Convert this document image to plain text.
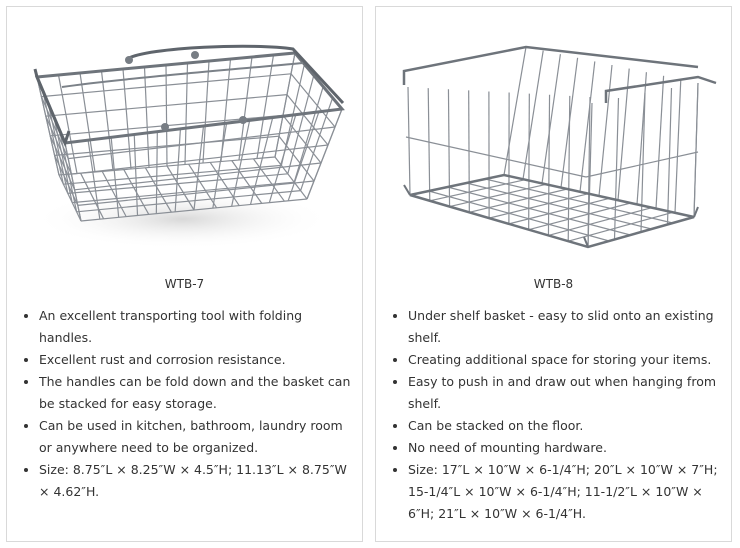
WTB-7
• An excellent transporting tool with folding handles.
• Excellent rust and corrosion resistance.
• The handles can be fold down and the basket can be stacked for easy storage.
• Can be used in kitchen, bathroom, laundry room or anywhere need to be organized.
• Size: 8.75″L × 8.25″W × 4.5″H; 11.13″L × 8.75″W × 4.62″H.
WTB-8
• Under shelf basket - easy to slid onto an existing shelf.
• Creating additional space for storing your items.
• Easy to push in and draw out when hanging from shelf.
• Can be stacked on the floor.
• No need of mounting hardware.
• Size: 17″L × 10″W × 6-1/4″H; 20″L × 10″W × 7″H; 15-1/4″L × 10″W × 6-1/4″H; 11-1/2″L × 10″W × 6″H; 21″L × 10″W × 6-1/4″H.
